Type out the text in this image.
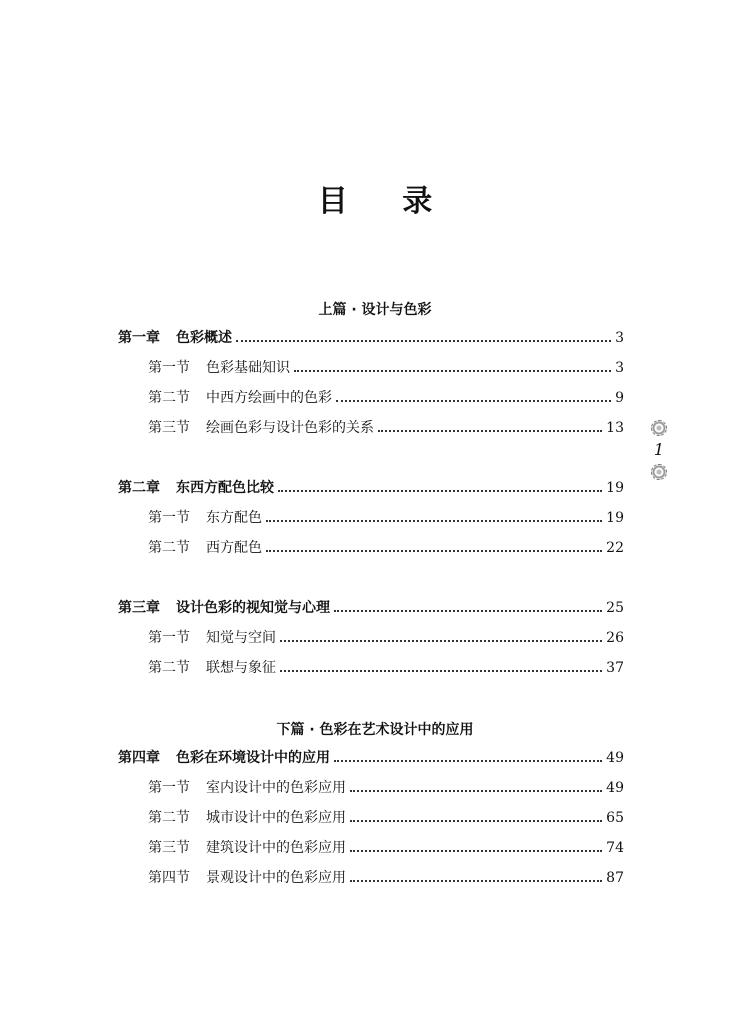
目 录
上篇 · 设计与色彩
第一章 色彩概述	3
第一节 色彩基础知识	3
第二节 中西方绘画中的色彩	9
第三节 绘画色彩与设计色彩的关系	13
第二章 东西方配色比较	19
第一节 东方配色	19
第二节 西方配色	22
第三章 设计色彩的视知觉与心理	25
第一节 知觉与空间	26
第二节 联想与象征	37
下篇 · 色彩在艺术设计中的应用
第四章 色彩在环境设计中的应用	49
第一节 室内设计中的色彩应用	49
第二节 城市设计中的色彩应用	65
第三节 建筑设计中的色彩应用	74
第四节 景观设计中的色彩应用	87
1
